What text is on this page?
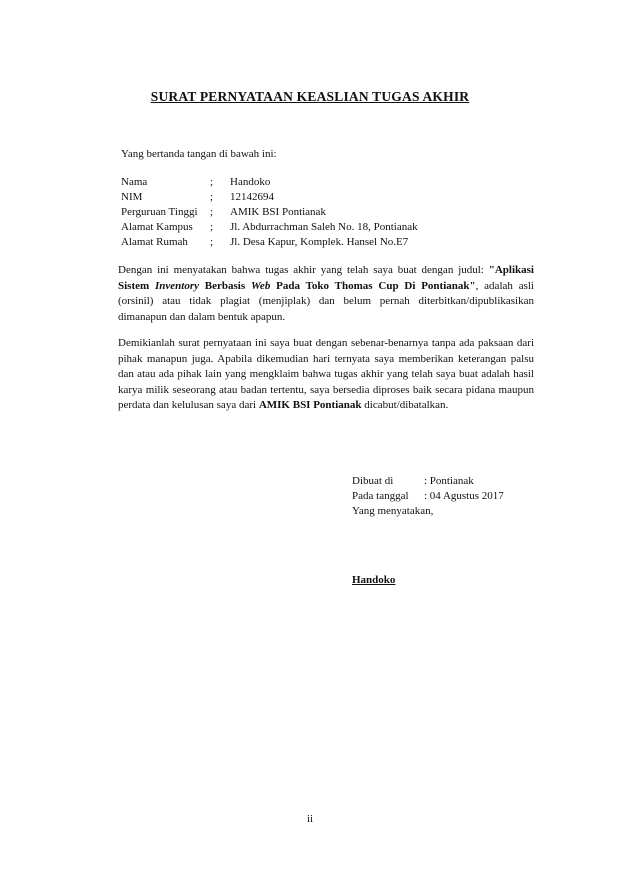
SURAT PERNYATAAN KEASLIAN TUGAS AKHIR
Yang bertanda tangan di bawah ini:
Nama	;	Handoko
NIM	;	12142694
Perguruan Tinggi	;	AMIK BSI Pontianak
Alamat Kampus	;	Jl. Abdurrachman Saleh No. 18, Pontianak
Alamat Rumah	;	Jl. Desa Kapur, Komplek. Hansel No.E7
Dengan ini menyatakan bahwa tugas akhir yang telah saya buat dengan judul: "Aplikasi Sistem Inventory Berbasis Web Pada Toko Thomas Cup Di Pontianak", adalah asli (orsinil) atau tidak plagiat (menjiplak) dan belum pernah diterbitkan/dipublikasikan dimanapun dan dalam bentuk apapun.
Demikianlah surat pernyataan ini saya buat dengan sebenar-benarnya tanpa ada paksaan dari pihak manapun juga. Apabila dikemudian hari ternyata saya memberikan keterangan palsu dan atau ada pihak lain yang mengklaim bahwa tugas akhir yang telah saya buat adalah hasil karya milik seseorang atau badan tertentu, saya bersedia diproses baik secara pidana maupun perdata dan kelulusan saya dari AMIK BSI Pontianak dicabut/dibatalkan.
Dibuat di	: Pontianak
Pada tanggal	: 04 Agustus 2017
Yang menyatakan,
Handoko
ii
